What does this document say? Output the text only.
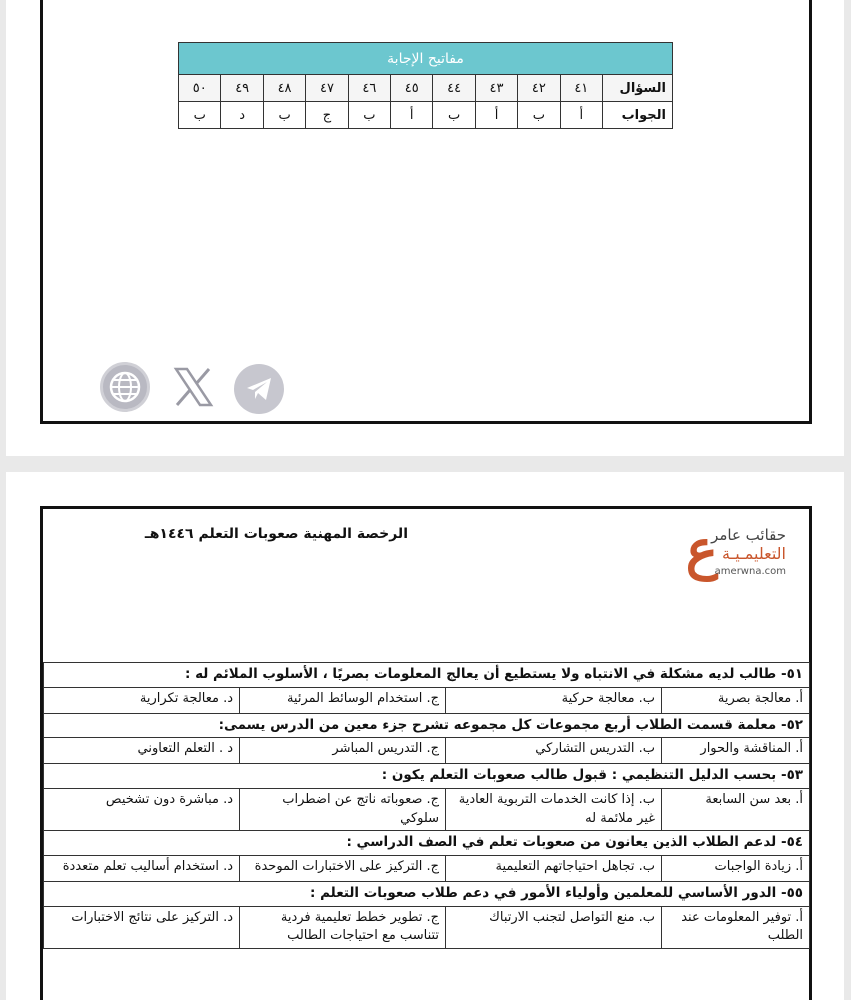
مفاتيح الإجابة										
السؤال	٤١	٤٢	٤٣	٤٤	٤٥	٤٦	٤٧	٤٨	٤٩	٥٠
الجواب	أ	ب	أ	ب	أ	ب	ج	ب	د	ب
الرخصة المهنية صعوبات التعلم ١٤٤٦هـ	ع
حقائب عامر
التعليمـيـة
amerwna.com
٥١- طالب لديه مشكلة في الانتباه ولا يستطيع أن يعالج المعلومات بصريًا ، الأسلوب الملائم له :			
أ. معالجة بصرية	ب. معالجة حركية	ج. استخدام الوسائط المرئية	د. معالجة تكرارية
٥٢- معلمة قسمت الطلاب أربع مجموعات كل مجموعه تشرح جزء معين من الدرس يسمى:			
أ. المناقشة والحوار	ب. التدريس التشاركي	ج. التدريس المباشر	د . التعلم التعاوني
٥٣- بحسب الدليل التنظيمي : قبول طالب صعوبات التعلم يكون :			
أ. بعد سن السابعة	ب. إذا كانت الخدمات التربوية العادية غير ملائمة له	ج. صعوباته ناتج عن اضطراب سلوكي	د. مباشرة دون تشخيص
٥٤- لدعم الطلاب الذين يعانون من صعوبات تعلم في الصف الدراسي :			
أ. زيادة الواجبات	ب. تجاهل احتياجاتهم التعليمية	ج. التركيز على الاختبارات الموحدة	د. استخدام أساليب تعلم متعددة
٥٥- الدور الأساسي للمعلمين وأولياء الأمور في دعم طلاب صعوبات التعلم :			
أ. توفير المعلومات عند الطلب	ب. منع التواصل لتجنب الارتباك	ج. تطوير خطط تعليمية فردية تتناسب مع احتياجات الطالب	د. التركيز على نتائج الاختبارات
